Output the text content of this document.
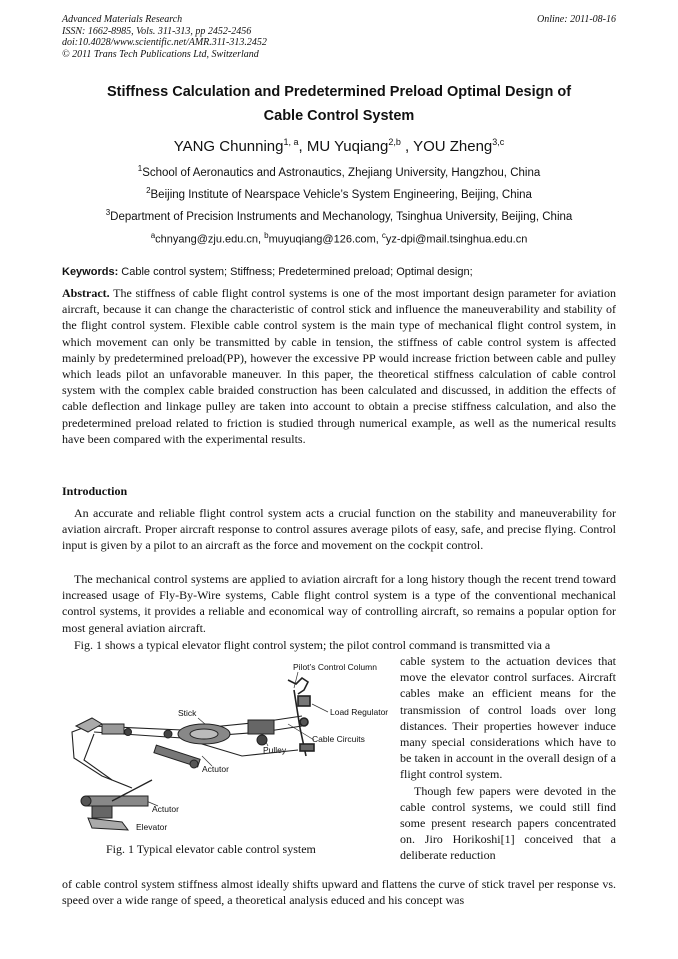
Advanced Materials Research
ISSN: 1662-8985, Vols. 311-313, pp 2452-2456
doi:10.4028/www.scientific.net/AMR.311-313.2452
© 2011 Trans Tech Publications Ltd, Switzerland
Online: 2011-08-16
Stiffness Calculation and Predetermined Preload Optimal Design of
Cable Control System
YANG Chunning$^{1, a}$, MU Yuqiang$^{2,b}$ , YOU Zheng$^{3,c}$
$^1$School of Aeronautics and Astronautics, Zhejiang University, Hangzhou, China
$^2$Beijing Institute of Nearspace Vehicle’s System Engineering, Beijing, China
$^3$Department of Precision Instruments and Mechanology, Tsinghua University, Beijing, China
$^a$chnyang@zju.edu.cn, $^b$muyuqiang@126.com, $^c$yz-dpi@mail.tsinghua.edu.cn
Keywords: Cable control system; Stiffness; Predetermined preload; Optimal design;
Abstract. The stiffness of cable flight control systems is one of the most important design parameter for aviation aircraft, because it can change the characteristic of control stick and influence the maneuverability and stability of the flight control system. Flexible cable control system is the main type of mechanical flight control system, in which movement can only be transmitted by cable in tension, the stiffness of cable control system is affected mainly by predetermined preload(PP), however the excessive PP would increase friction between cable and pulley which leads pilot an unfavorable maneuver. In this paper, the theoretical stiffness calculation of cable control system with the complex cable braided construction has been calculated and discussed, in addition the effects of cable deflection and linkage pulley are taken into account to obtain a precise stiffness calculation, and also the predetermined preload related to friction is studied through numerical example, as well as the numerical results have been compared with the experimental results.
Introduction
An accurate and reliable flight control system acts a crucial function on the stability and maneuverability for aviation aircraft. Proper aircraft response to control assures average pilots of easy, safe, and precise flying. Control input is given by a pilot to an aircraft as the force and movement on the cockpit control.
The mechanical control systems are applied to aviation aircraft for a long history though the recent trend toward increased usage of Fly-By-Wire systems, Cable flight control system is a type of the conventional mechanical control systems, it provides a reliable and economical way of controlling aircraft, so remains a popular option for most general aviation aircraft.
Fig. 1 shows a typical elevator flight control system; the pilot control command is transmitted via a
Pilot’s Control Column
Stick	Load Regulator
Cable Circuits
Pulley
Actutor
Actutor
Elevator
Fig. 1 Typical elevator cable control system

cable system to the actuation devices that move the elevator control surfaces. Aircraft cables make an efficient means for the transmission of control loads over long distances. Their properties however induce many special considerations which have to be taken in account in the overall design of a flight control system.

Though few papers were devoted in the cable control systems, we could still find some present research papers concentrated on. Jiro Horikoshi[1] conceived that a deliberate reduction

of cable control system stiffness almost ideally shifts upward and flattens the curve of stick travel per response vs. speed over a wide range of speed, a theoretical analysis educed and his concept was
